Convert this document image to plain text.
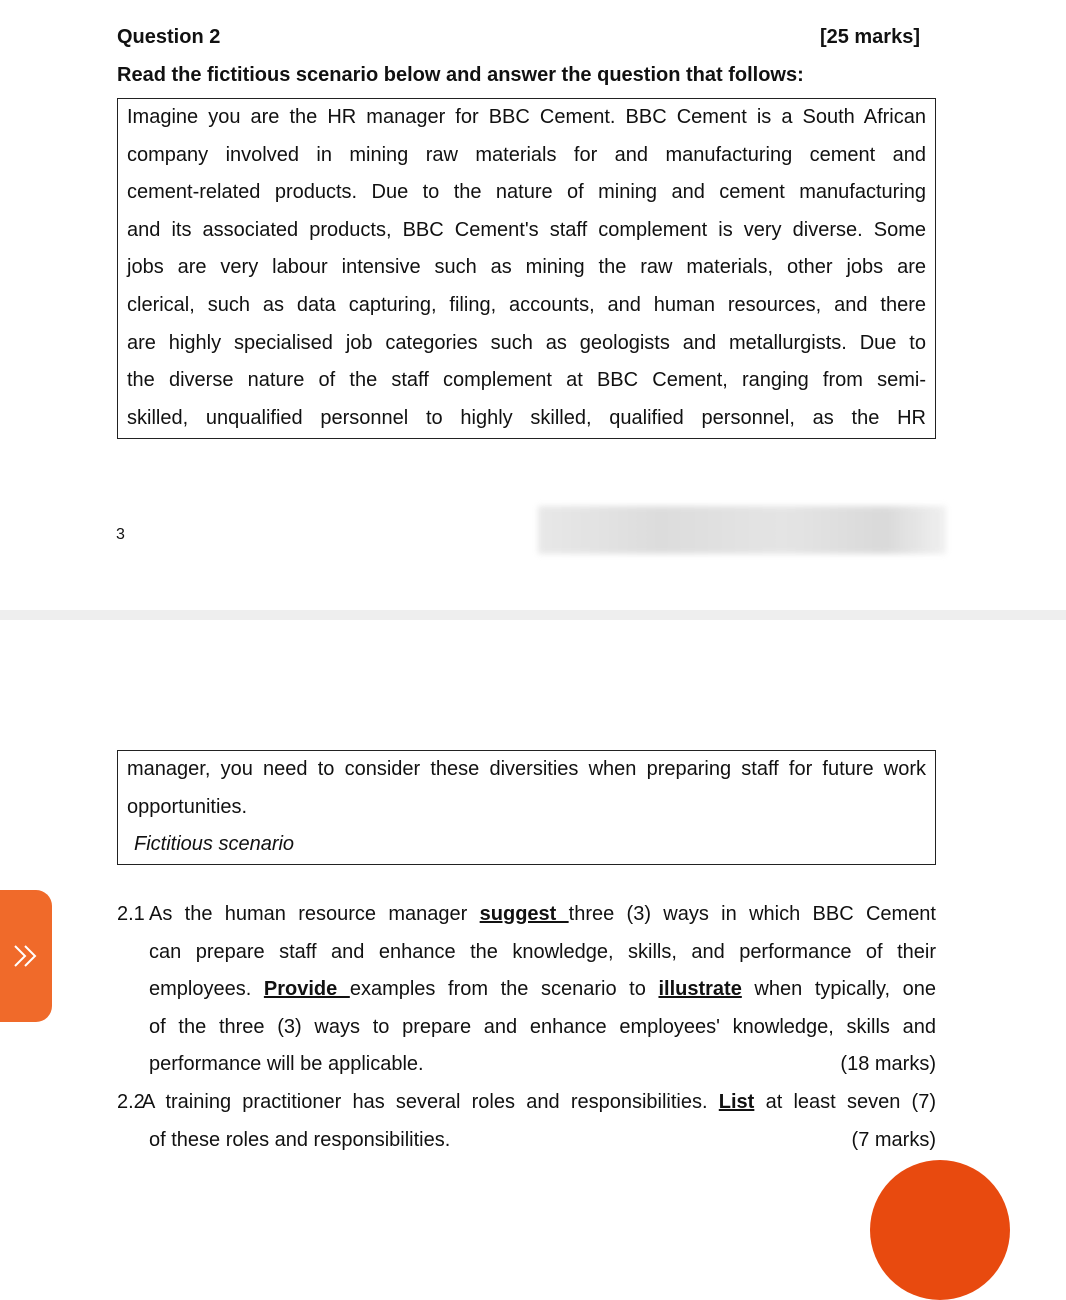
Question 2	[25 marks]
Read the fictitious scenario below and answer the question that follows:

Imagine you are the HR manager for BBC Cement. BBC Cement is a South African

company involved in mining raw materials for and manufacturing cement and

cement-related products. Due to the nature of mining and cement manufacturing

and its associated products, BBC Cement's staff complement is very diverse. Some

jobs are very labour intensive such as mining the raw materials, other jobs are

clerical, such as data capturing, filing, accounts, and human resources, and there

are highly specialised job categories such as geologists and metallurgists. Due to

the diverse nature of the staff complement at BBC Cement, ranging from semi-

skilled, unqualified personnel to highly skilled, qualified personnel, as the HR

3

manager, you need to consider these diversities when preparing staff for future work

opportunities.

Fictitious scenario

2.1 As the human resource manager suggest three (3) ways in which BBC Cement
can prepare staff and enhance the knowledge, skills, and performance of their
employees. Provide examples from the scenario to illustrate when typically, one
of the three (3) ways to prepare and enhance employees' knowledge, skills and
performance will be applicable.	(18 marks)
2.2
A training practitioner has several roles and responsibilities. List at least seven (7)
of these roles and responsibilities.	(7 marks)
